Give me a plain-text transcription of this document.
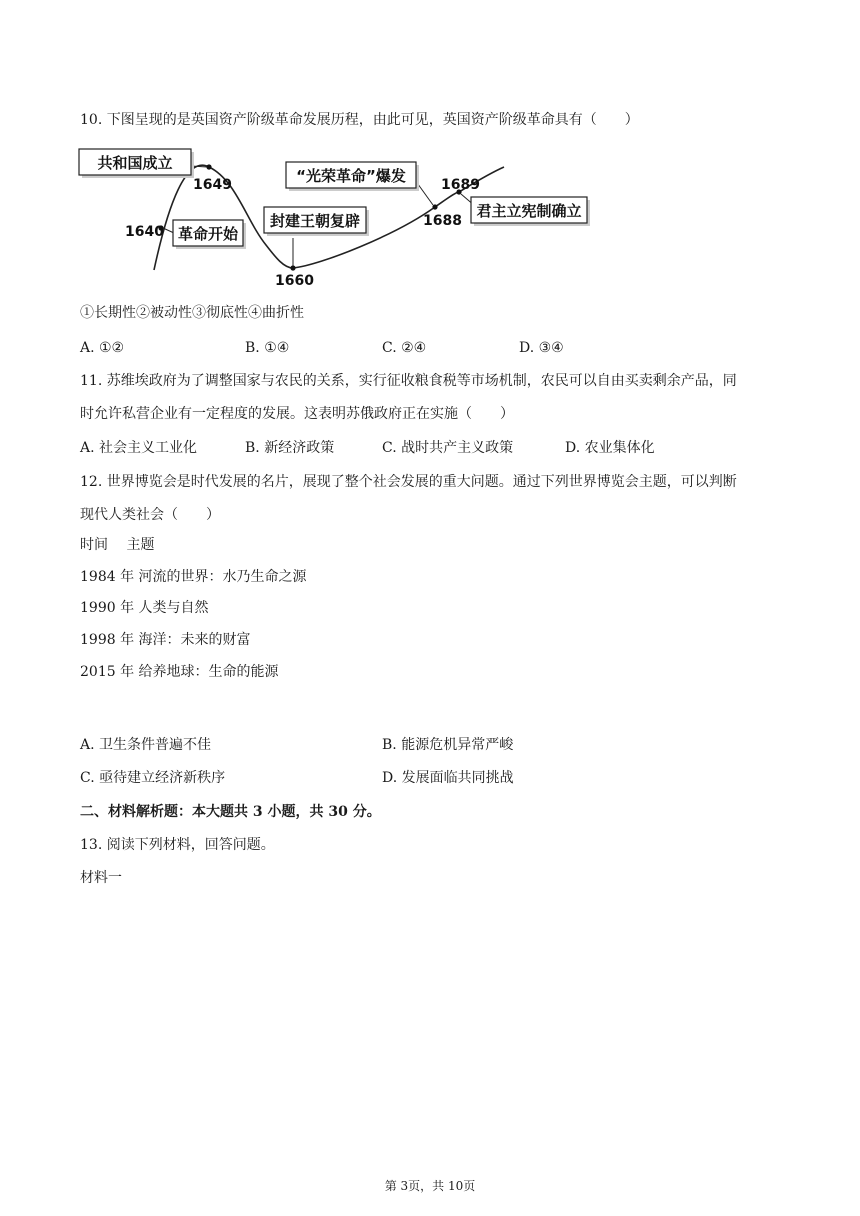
10. 下图呈现的是英国资产阶级革命发展历程，由此可见，英国资产阶级革命具有（　　）
共和国成立
革命开始
封建王朝复辟
“光荣革命”爆发
君主立宪制确立
1640
1649
1660
1688
1689
①长期性②被动性③彻底性④曲折性
A. ①②	B. ①④	C. ②④	D. ③④
11. 苏维埃政府为了调整国家与农民的关系，实行征收粮食税等市场机制，农民可以自由买卖剩余产品，同
时允许私营企业有一定程度的发展。这表明苏俄政府正在实施（　　）
A. 社会主义工业化	B. 新经济政策	C. 战时共产主义政策	D. 农业集体化
12. 世界博览会是时代发展的名片，展现了整个社会发展的重大问题。通过下列世界博览会主题，可以判断
现代人类社会（　　）
时间　 主题
1984 年 河流的世界：水乃生命之源
1990 年 人类与自然
1998 年 海洋：未来的财富
2015 年 给养地球：生命的能源
A. 卫生条件普遍不佳	B. 能源危机异常严峻
C. 亟待建立经济新秩序	D. 发展面临共同挑战
二、材料解析题：本大题共 3 小题，共 30 分。
13. 阅读下列材料，回答问题。
材料一
第 3页，共 10页
